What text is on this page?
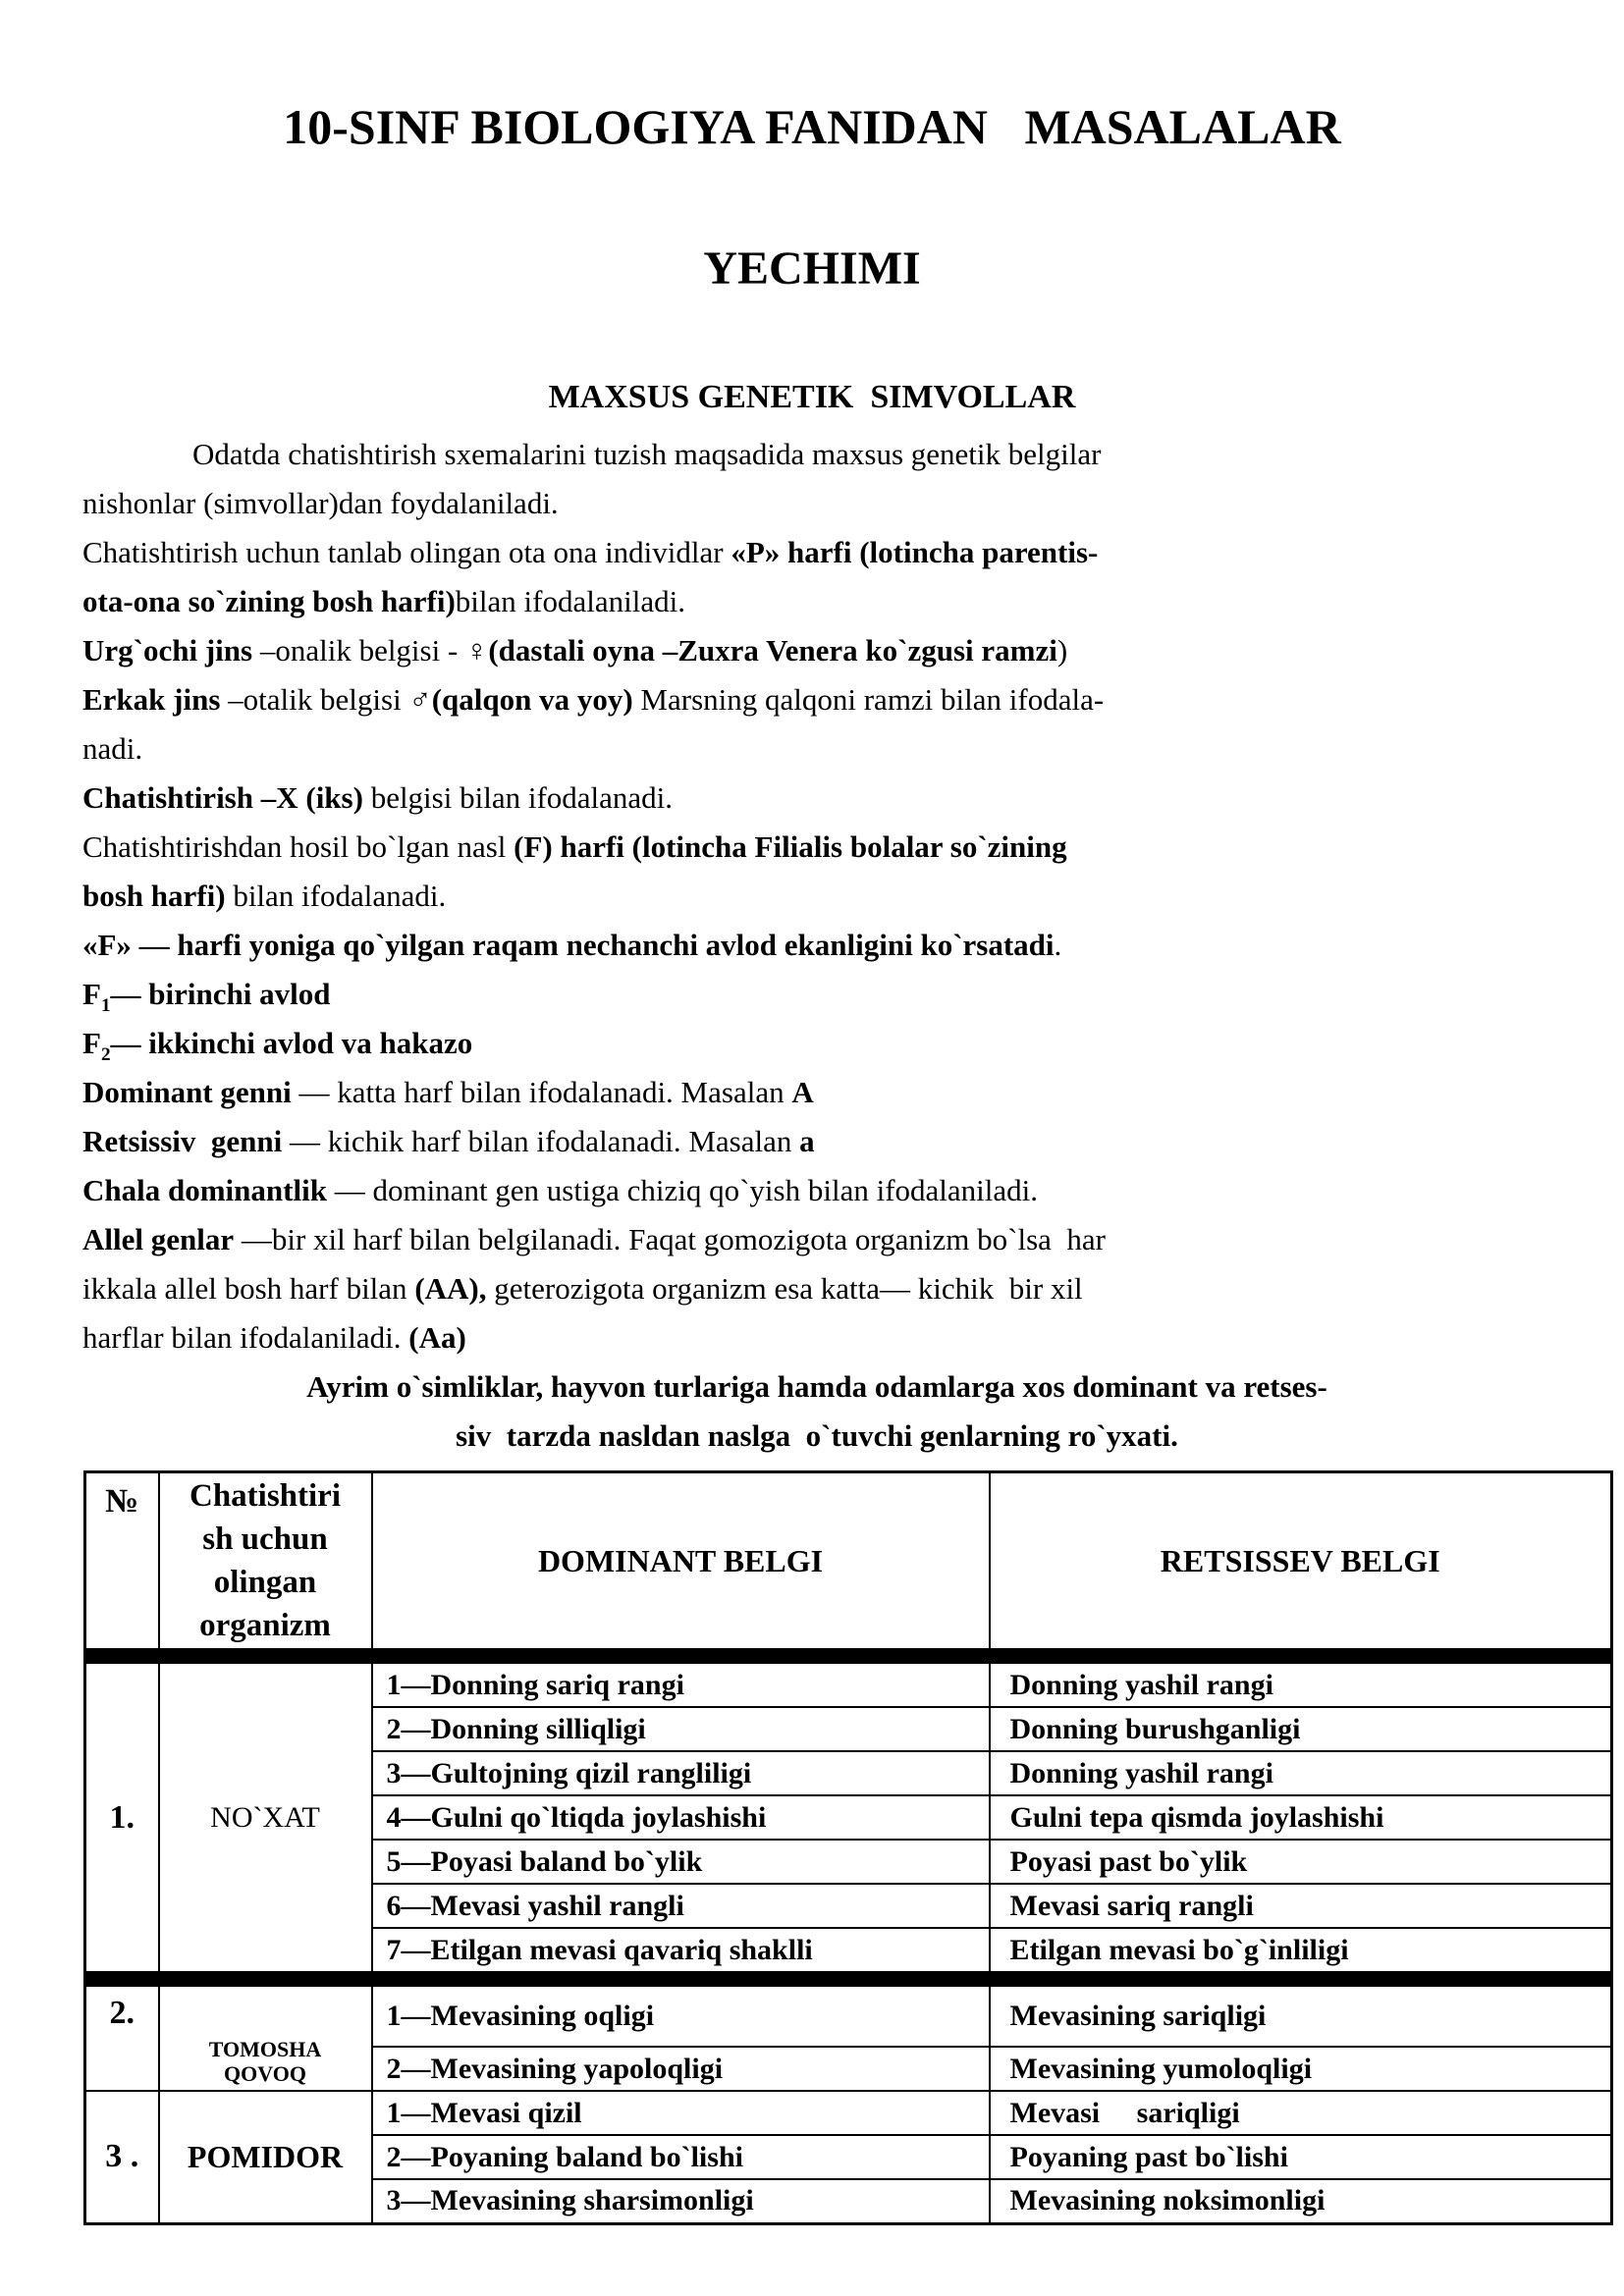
10-SINF BIOLOGIYA FANIDAN   MASALALAR
YECHIMI
MAXSUS GENETIK  SIMVOLLAR
Odatda chatishtirish sxemalarini tuzish maqsadida maxsus genetik belgilar
nishonlar (simvollar)dan foydalaniladi.
Chatishtirish uchun tanlab olingan ota ona individlar «P» harfi (lotincha parentis-
ota-ona so`zining bosh harfi)bilan ifodalaniladi.
Urg`ochi jins –onalik belgisi - ♀(dastali oyna –Zuxra Venera ko`zgusi ramzi)
Erkak jins –otalik belgisi ♂(qalqon va yoy) Marsning qalqoni ramzi bilan ifodala-
nadi.
Chatishtirish –X (iks) belgisi bilan ifodalanadi.
Chatishtirishdan hosil bo`lgan nasl (F) harfi (lotincha Filialis bolalar so`zining
bosh harfi) bilan ifodalanadi.
«F» — harfi yoniga qo`yilgan raqam nechanchi avlod ekanligini ko`rsatadi.
$F_1—$ birinchi avlod
$F_2—$ ikkinchi avlod va hakazo
Dominant genni — katta harf bilan ifodalanadi. Masalan A
Retsissiv  genni — kichik harf bilan ifodalanadi. Masalan a
Chala dominantlik — dominant gen ustiga chiziq qo`yish bilan ifodalaniladi.
Allel genlar —bir xil harf bilan belgilanadi. Faqat gomozigota organizm bo`lsa  har
ikkala allel bosh harf bilan (AA), geterozigota organizm esa katta— kichik  bir xil
harflar bilan ifodalaniladi. (Aa)
Ayrim o`simliklar, hayvon turlariga hamda odamlarga xos dominant va retses-
siv  tarzda nasldan naslga  o`tuvchi genlarning ro`yxati.
№	Chatishtiri
sh uchun
olingan
organizm	DOMINANT BELGI	RETSISSEV BELGI

1.	NO`XAT	1—Donning sariq rangi	Donning yashil rangi
		2—Donning silliqligi	Donning burushganligi
		3—Gultojning qizil rangliligi	Donning yashil rangi
		4—Gulni qo`ltiqda joylashishi	Gulni tepa qismda joylashishi
		5—Poyasi baland bo`ylik	Poyasi past bo`ylik
		6—Mevasi yashil rangli	Mevasi sariq rangli
		7—Etilgan mevasi qavariq shaklli	Etilgan mevasi bo`g`inliligi

2.	TOMOSHA
QOVOQ	1—Mevasining oqligi	Mevasining sariqligi
		2—Mevasining yapoloqligi	Mevasining yumoloqligi
3 .	POMIDOR	1—Mevasi qizil	Mevasi     sariqligi
		2—Poyaning baland bo`lishi	Poyaning past bo`lishi
		3—Mevasining sharsimonligi	Mevasining noksimonligi
